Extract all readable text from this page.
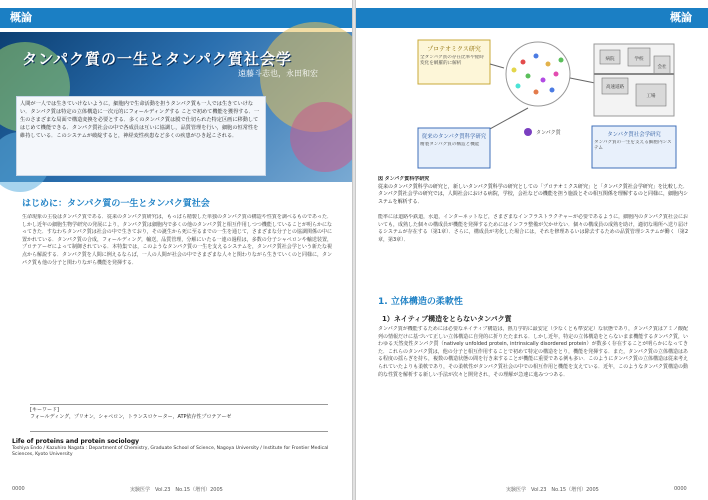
概論
タンパク質の一生とタンパク質社会学
遠藤斗志也，永田和宏
人間が一人では生きていけないように，細胞内で生命活動を担うタンパク質も一人では生きていけない．タンパク質は特定の立体構造に一次元的にフォールディングする ことで初めて機能を獲得する．一生のさまざまな局面で構造変換を必要とする．多くのタンパク質は膜で仕切られた特定区画に移動してはじめて機能できる．タンパク質社会の中で各成員は互いに協調し，品質管理を行い，細胞の恒常性を維持している．このシステムが破綻すると，神経変性疾患など多くの疾患がひき起こされる．
はじめに：タンパク質の一生とタンパク質社会
生命現象の主役はタンパク質である．従来のタンパク質研究は，もっぱら精製した単独のタンパク質の構造や性質を調べるものであった．しかし近年の細胞生物学研究の発展により，タンパク質は細胞内で多くの他のタンパク質と相互作用しつつ機能していることが明らかになってきた．すなわちタンパク質は社会の中で生きており，その誕生から死に至るまでの一生を通じて，さまざまな分子との協調関係の中に置かれている．タンパク質の合成，フォールディング，輸送，品質管理，分解にいたる一連の過程は，多数の分子シャペロンや輸送装置，プロテアーゼによって制御されている．本特集では，このようなタンパク質の一生を支えるシステムを，タンパク質社会学という新たな視点から解説する．タンパク質を人間に例えるならば，一人の人間が社会の中でさまざまな人々と関わりながら生きていくのと同様に，タンパク質も他の分子と関わりながら機能を発揮する．
[キーワード]
フォールディング，プリオン，シャペロン，トランスロケーター，ATP依存性プロテアーゼ
Life of proteins and protein sociology
Toshiya Endo / Kazuhiro Nagata : Department of Chemistry, Graduate School of Science, Nagoya University / Institute for Frontier Medical Sciences, Kyoto University
0000	実験医学　Vol.23　No.15（増刊）2005
概論
プロテオミクス研究
全タンパク質の存在比率や経時変化を網羅的に解析
タンパク質
従来のタンパク質科学研究
精製タンパク質の構造と機能
病院	学校
会社
高速道路
工場
タンパク質社会学研究
タンパク質の一生を支える細胞内システム
図 タンパク質科学研究
従来のタンパク質科学の研究と，新しいタンパク質科学の研究としての「プロテオミクス研究」と「タンパク質社会学研究」を比較した．タンパク質社会学の研究では，人間社会における病院，学校，会社などの機能を担う施設とその相互関係を理解するのと同様に，細胞内システムを解析する．
能率には道路や鉄道，水道，インターネットなど，さまざまなインフラストラクチャーが必要であるように，細胞内のタンパク質社会においても，成熟した個々の構成員が機能を発揮するためにはインフラ整備が欠かせない．個々の構成員の成熟を助け，適切な場所へ送り届けるシステムが存在する（第1章）．さらに，構成員が劣化した場合には，それを修理あるいは除去するための品質管理システムが働く（第2章，第3章）．
1. 立体構造の柔軟性
1）ネイティブ構造をとらないタンパク質
タンパク質が機能するためには必要なネイティブ構造は，熱力学的に最安定（少なくとも準安定）な状態であり，タンパク質はアミノ酸配列の情報だけに基づいて正しい立体構造に自発的に折りたたまれる．しかし近年，特定の立体構造をとらないまま機能するタンパク質，いわゆる天然変性タンパク質（natively unfolded protein, intrinsically disordered protein）が数多く存在することが明らかになってきた．これらのタンパク質は，他の分子と相互作用することで初めて特定の構造をとり，機能を発揮する．また，タンパク質の立体構造はある程度の揺らぎを持ち，複数の構造状態の間を行き来することが機能に重要である例も多い．このようにタンパク質の立体構造は従来考えられていたよりも柔軟であり，その柔軟性がタンパク質社会の中での相互作用と機能を支えている．近年，このようなタンパク質構造の動的な性質を解析する新しい手法が次々と開発され，その理解が急速に進みつつある．
実験医学　Vol.23　No.15（増刊）2005	0000
